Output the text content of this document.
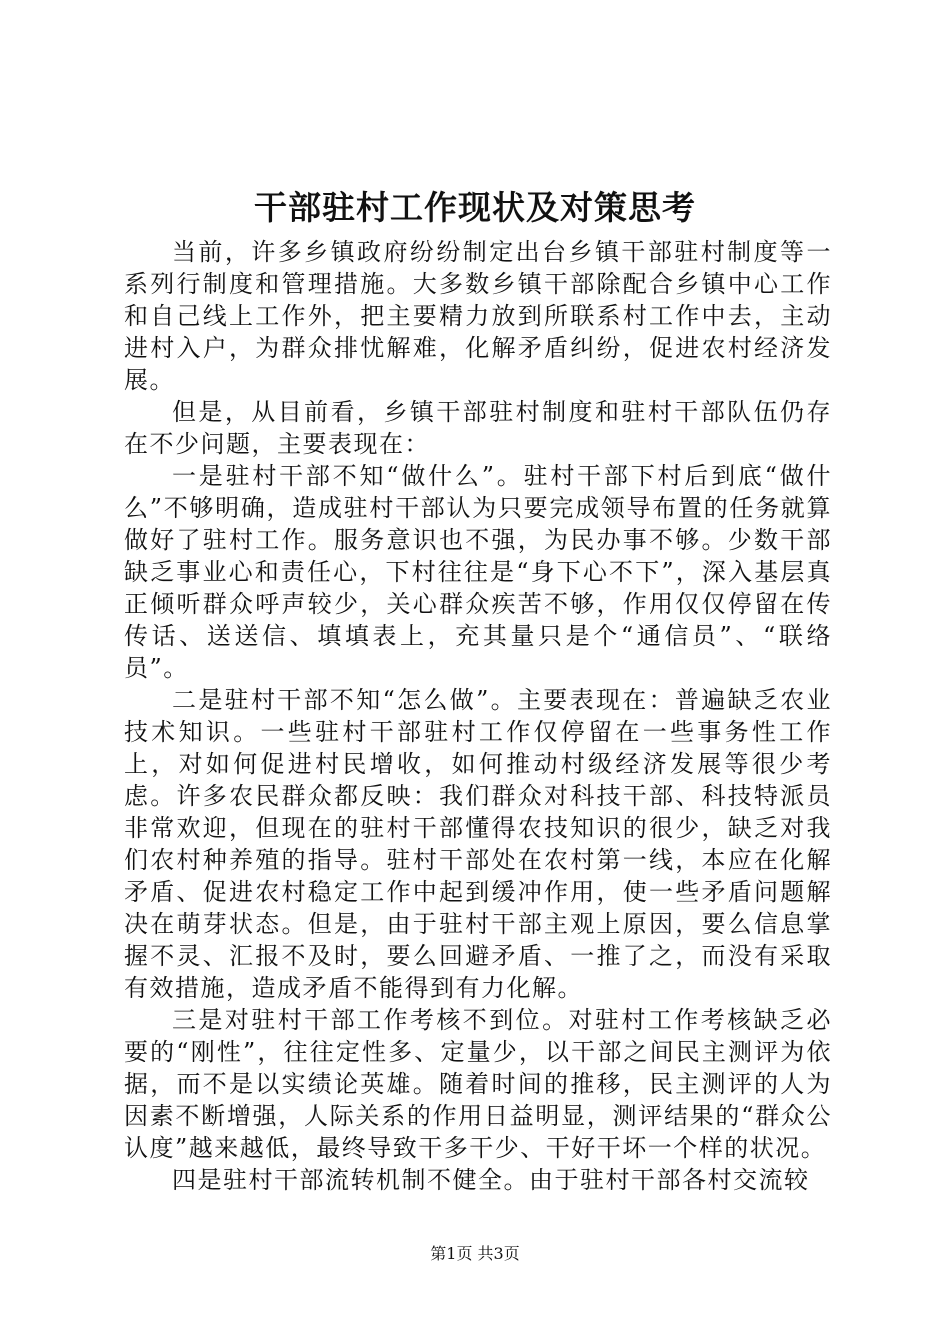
干部驻村工作现状及对策思考

当前，许多乡镇政府纷纷制定出台乡镇干部驻村制度等一系列行制度和管理措施。大多数乡镇干部除配合乡镇中心工作和自己线上工作外，把主要精力放到所联系村工作中去，主动进村入户，为群众排忧解难，化解矛盾纠纷，促进农村经济发展。

但是，从目前看，乡镇干部驻村制度和驻村干部队伍仍存在不少问题，主要表现在：

一是驻村干部不知“做什么”。驻村干部下村后到底“做什么”不够明确，造成驻村干部认为只要完成领导布置的任务就算做好了驻村工作。服务意识也不强，为民办事不够。少数干部缺乏事业心和责任心，下村往往是“身下心不下”，深入基层真正倾听群众呼声较少，关心群众疾苦不够，作用仅仅停留在传传话、送送信、填填表上，充其量只是个“通信员”、“联络员”。

二是驻村干部不知“怎么做”。主要表现在：普遍缺乏农业技术知识。一些驻村干部驻村工作仅停留在一些事务性工作上，对如何促进村民增收，如何推动村级经济发展等很少考虑。许多农民群众都反映：我们群众对科技干部、科技特派员非常欢迎，但现在的驻村干部懂得农技知识的很少，缺乏对我们农村种养殖的指导。驻村干部处在农村第一线，本应在化解矛盾、促进农村稳定工作中起到缓冲作用，使一些矛盾问题解决在萌芽状态。但是，由于驻村干部主观上原因，要么信息掌握不灵、汇报不及时，要么回避矛盾、一推了之，而没有采取有效措施，造成矛盾不能得到有力化解。

三是对驻村干部工作考核不到位。对驻村工作考核缺乏必要的“刚性”，往往定性多、定量少，以干部之间民主测评为依据，而不是以实绩论英雄。随着时间的推移，民主测评的人为因素不断增强，人际关系的作用日益明显，测评结果的“群众公认度”越来越低，最终导致干多干少、干好干坏一个样的状况。

四是驻村干部流转机制不健全。由于驻村干部各村交流较

第1页 共3页
